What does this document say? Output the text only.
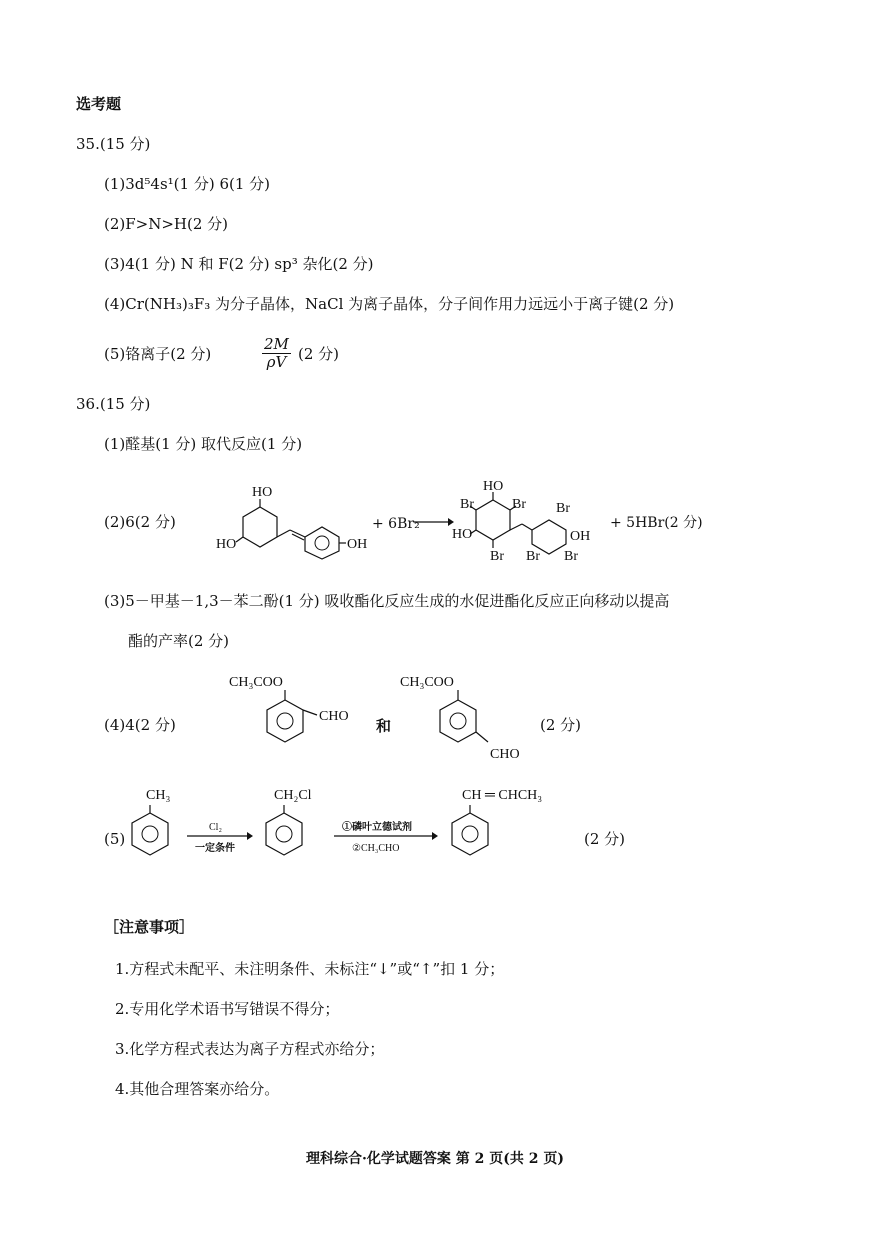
选考题
35.(15 分)
(1)3d⁵4s¹(1 分) 6(1 分)
(2)F>N>H(2 分)
(3)4(1 分) N 和 F(2 分) sp³ 杂化(2 分)
(4)Cr(NH₃)₃F₃ 为分子晶体，NaCl 为离子晶体，分子间作用力远远小于离子键(2 分)
(5)铬离子(2 分)	$\frac{2M}{\rho V} (2$ 分)
36.(15 分)
(1)醛基(1 分) 取代反应(1 分)
(2)6(2 分)
HO
HO	OH
+ 6Br₂
HO
Br	Br
HO
Br Br
Br
OH
Br
+ 5HBr(2 分)
(3)5－甲基－1,3－苯二酚(1 分) 吸收酯化反应生成的水促进酯化反应正向移动以提高
酯的产率(2 分)
(4)4(2 分)
CH₃COO
CHO
和
CH₃COO
CHO
(2 分)
(5)
CH₃
Cl₂
一定条件
CH₂Cl
①磷叶立德试剂
②CH₃CHO
CH ═ CHCH₃
(2 分)
［注意事项］
1.方程式未配平、未注明条件、未标注“↓”或“↑”扣 1 分；
2.专用化学术语书写错误不得分；
3.化学方程式表达为离子方程式亦给分；
4.其他合理答案亦给分。
理科综合·化学试题答案 第 2 页(共 2 页)
